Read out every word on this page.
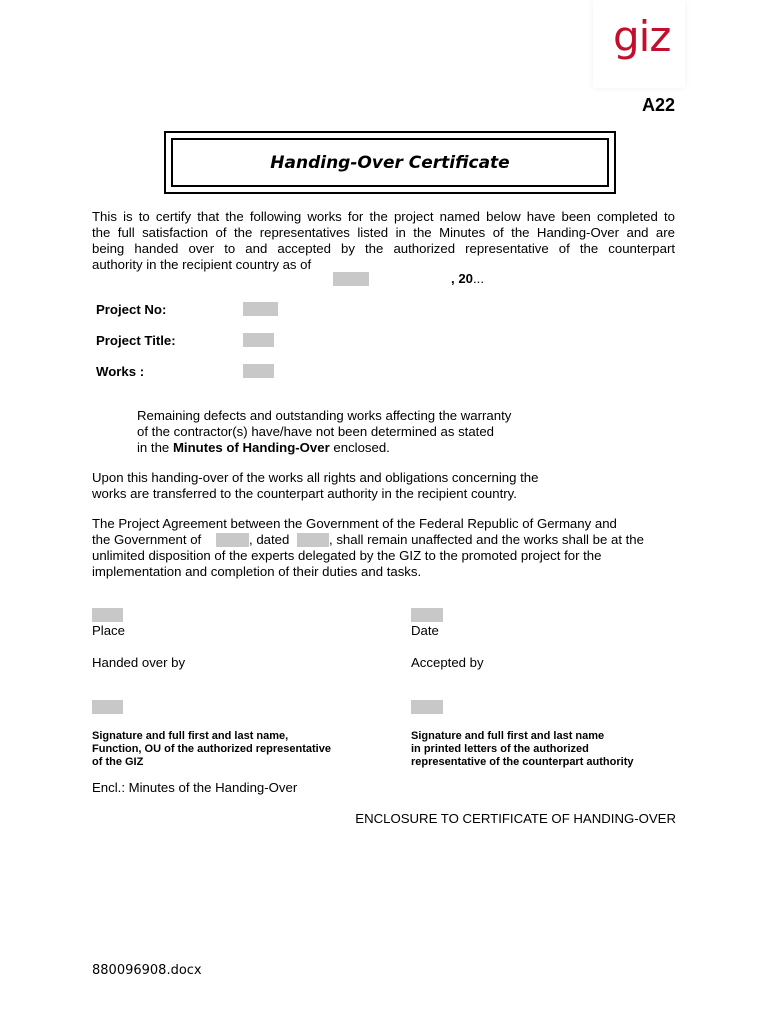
giz
A22
Handing-Over Certificate
This is to certify that the following works for the project named below have been completed to
the full satisfaction of the representatives listed in the Minutes of the Handing-Over and are
being handed over to and accepted by the authorized representative of the counterpart
authority in the recipient country as of
, 20...
Project No:
Project Title:
Works :
Remaining defects and outstanding works affecting the warranty
of the contractor(s) have/have not been determined as stated
in the Minutes of Handing-Over enclosed.
Upon this handing-over of the works all rights and obligations concerning the
works are transferred to the counterpart authority in the recipient country.
The Project Agreement between the Government of the Federal Republic of Germany and
the Government of	, dated	, shall remain unaffected and the works shall be at the
unlimited disposition of the experts delegated by the GIZ to the promoted project for the
implementation and completion of their duties and tasks.
Place	Date
Handed over by	Accepted by
Signature and full first and last name,
Function, OU of the authorized representative
of the GIZ
Signature and full first and last name
in printed letters of the authorized
representative of the counterpart authority
Encl.: Minutes of the Handing-Over
ENCLOSURE TO CERTIFICATE OF HANDING-OVER
880096908.docx
